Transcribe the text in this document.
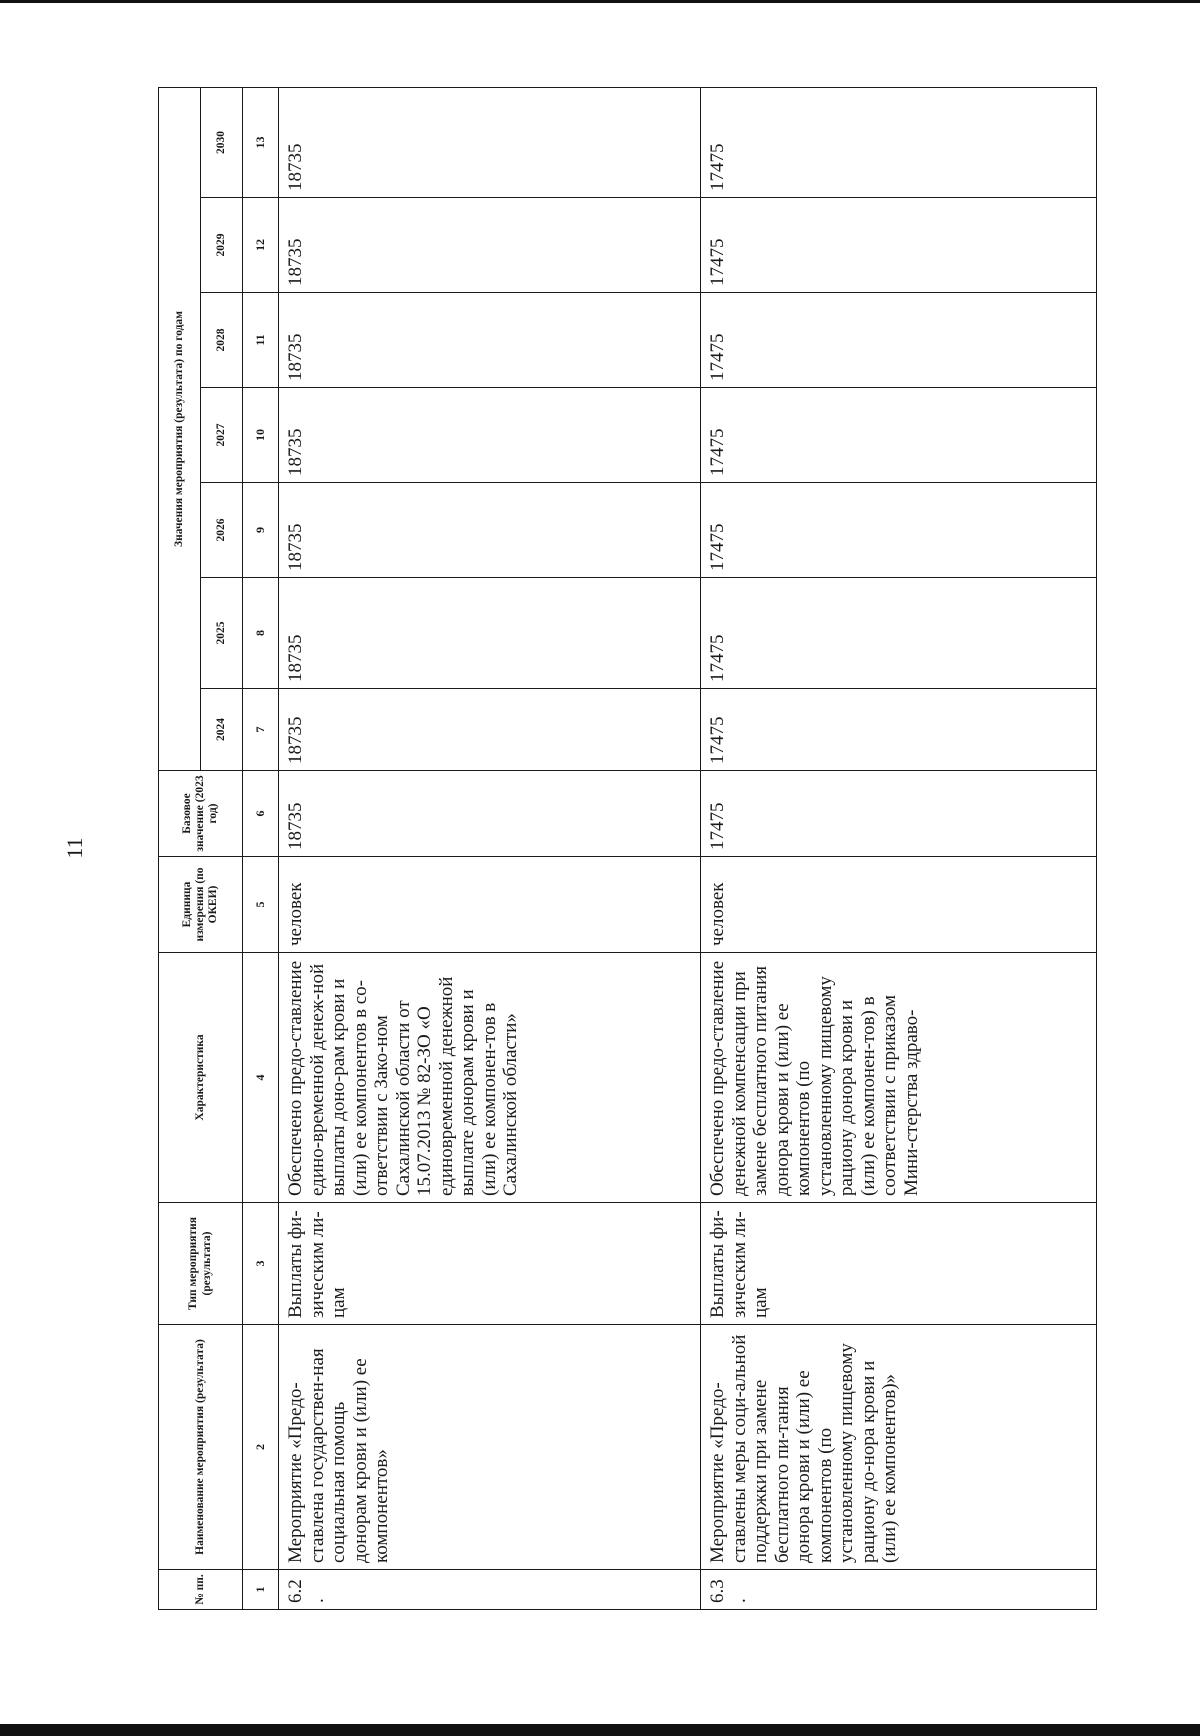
11
№ пп.	Наименование мероприятия (результата)	Тип мероприятия (результата)	Характеристика	Единица измерения (по ОКЕИ)	Базовое значение (2023 год)	Значения мероприятия (результата) по годам						
						2024	2025	2026	2027	2028	2029	2030
1	2	3	4	5	6	7	8	9	10	11	12	13
6.2.	Мероприятие «Предо-ставлена государствен-ная социальная помощь донорам крови и (или) ее компонентов»	Выплаты фи-зическим ли-цам	Обеспечено предо-ставление едино-временной денеж-ной выплаты доно-рам крови и (или) ее компонентов в со-ответствии с Зако-ном Сахалинской области от 15.07.2013 № 82-ЗО «О единовременной денежной выплате донорам крови и (или) ее компонен-тов в Сахалинской области»	человек	18735	18735	18735	18735	18735	18735	18735	18735
6.3.	Мероприятие «Предо-ставлены меры соци-альной поддержки при замене бесплатного пи-тания донора крови и (или) ее компонентов (по установленному пищевому рациону до-нора крови и (или) ее компонентов)»	Выплаты фи-зическим ли-цам	Обеспечено предо-ставление денежной компенсации при замене бесплатного питания донора крови и (или) ее компонентов (по установленному пищевому рациону донора крови и (или) ее компонен-тов) в соответствии с приказом Мини-стерства здраво-	человек	17475	17475	17475	17475	17475	17475	17475	17475
